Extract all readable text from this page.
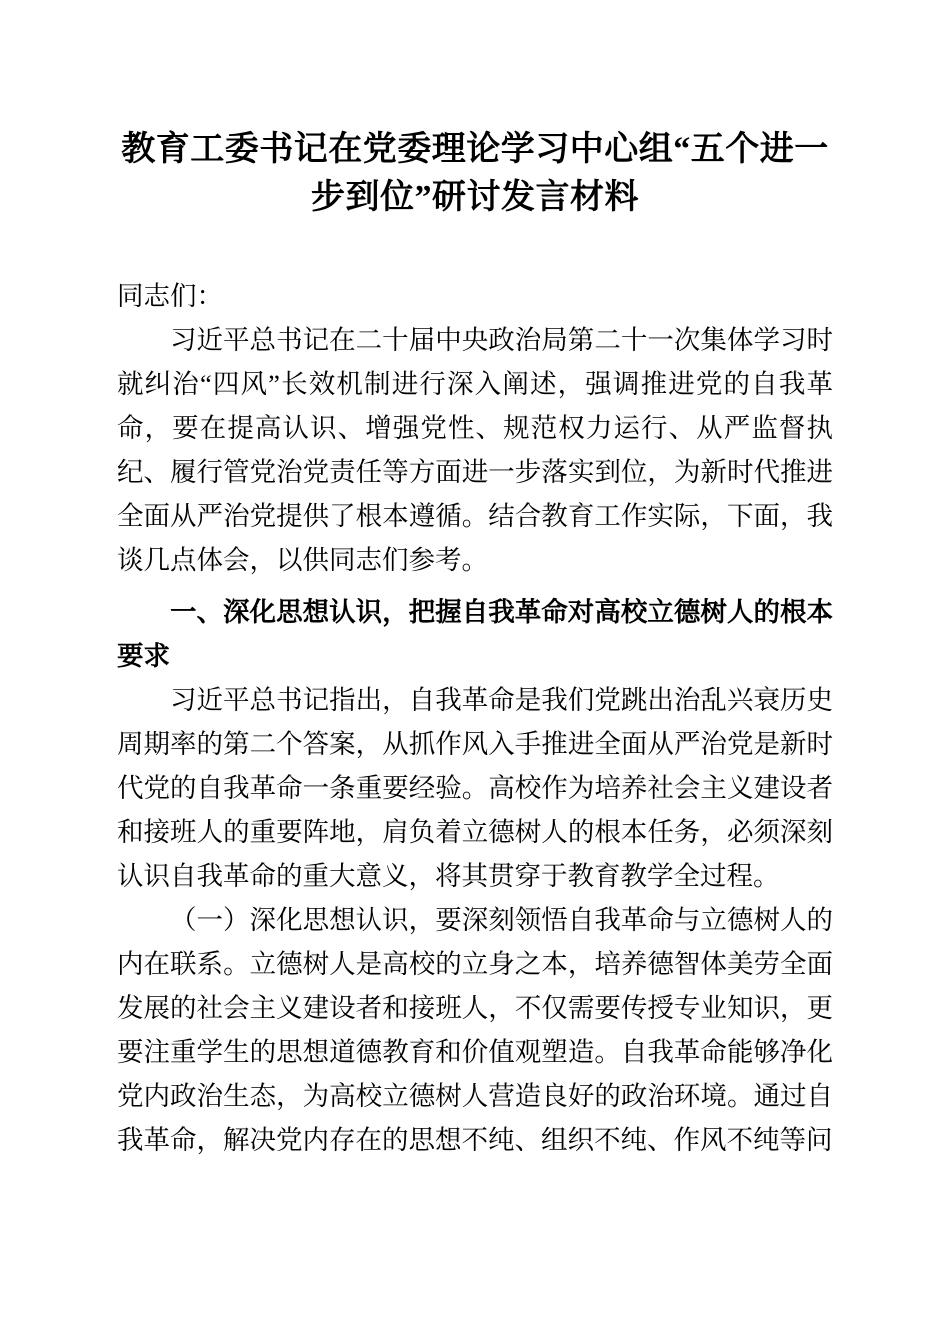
教育工委书记在党委理论学习中心组“五个进一步到位”研讨发言材料

同志们：

习近平总书记在二十届中央政治局第二十一次集体学习时就纠治“四风”长效机制进行深入阐述，强调推进党的自我革命，要在提高认识、增强党性、规范权力运行、从严监督执纪、履行管党治党责任等方面进一步落实到位，为新时代推进全面从严治党提供了根本遵循。结合教育工作实际，下面，我谈几点体会，以供同志们参考。

一、深化思想认识，把握自我革命对高校立德树人的根本要求

习近平总书记指出，自我革命是我们党跳出治乱兴衰历史周期率的第二个答案，从抓作风入手推进全面从严治党是新时代党的自我革命一条重要经验。高校作为培养社会主义建设者和接班人的重要阵地，肩负着立德树人的根本任务，必须深刻认识自我革命的重大意义，将其贯穿于教育教学全过程。

（一）深化思想认识，要深刻领悟自我革命与立德树人的内在联系。立德树人是高校的立身之本，培养德智体美劳全面发展的社会主义建设者和接班人，不仅需要传授专业知识，更要注重学生的思想道德教育和价值观塑造。自我革命能够净化党内政治生态，为高校立德树人营造良好的政治环境。通过自我革命，解决党内存在的思想不纯、组织不纯、作风不纯等问
